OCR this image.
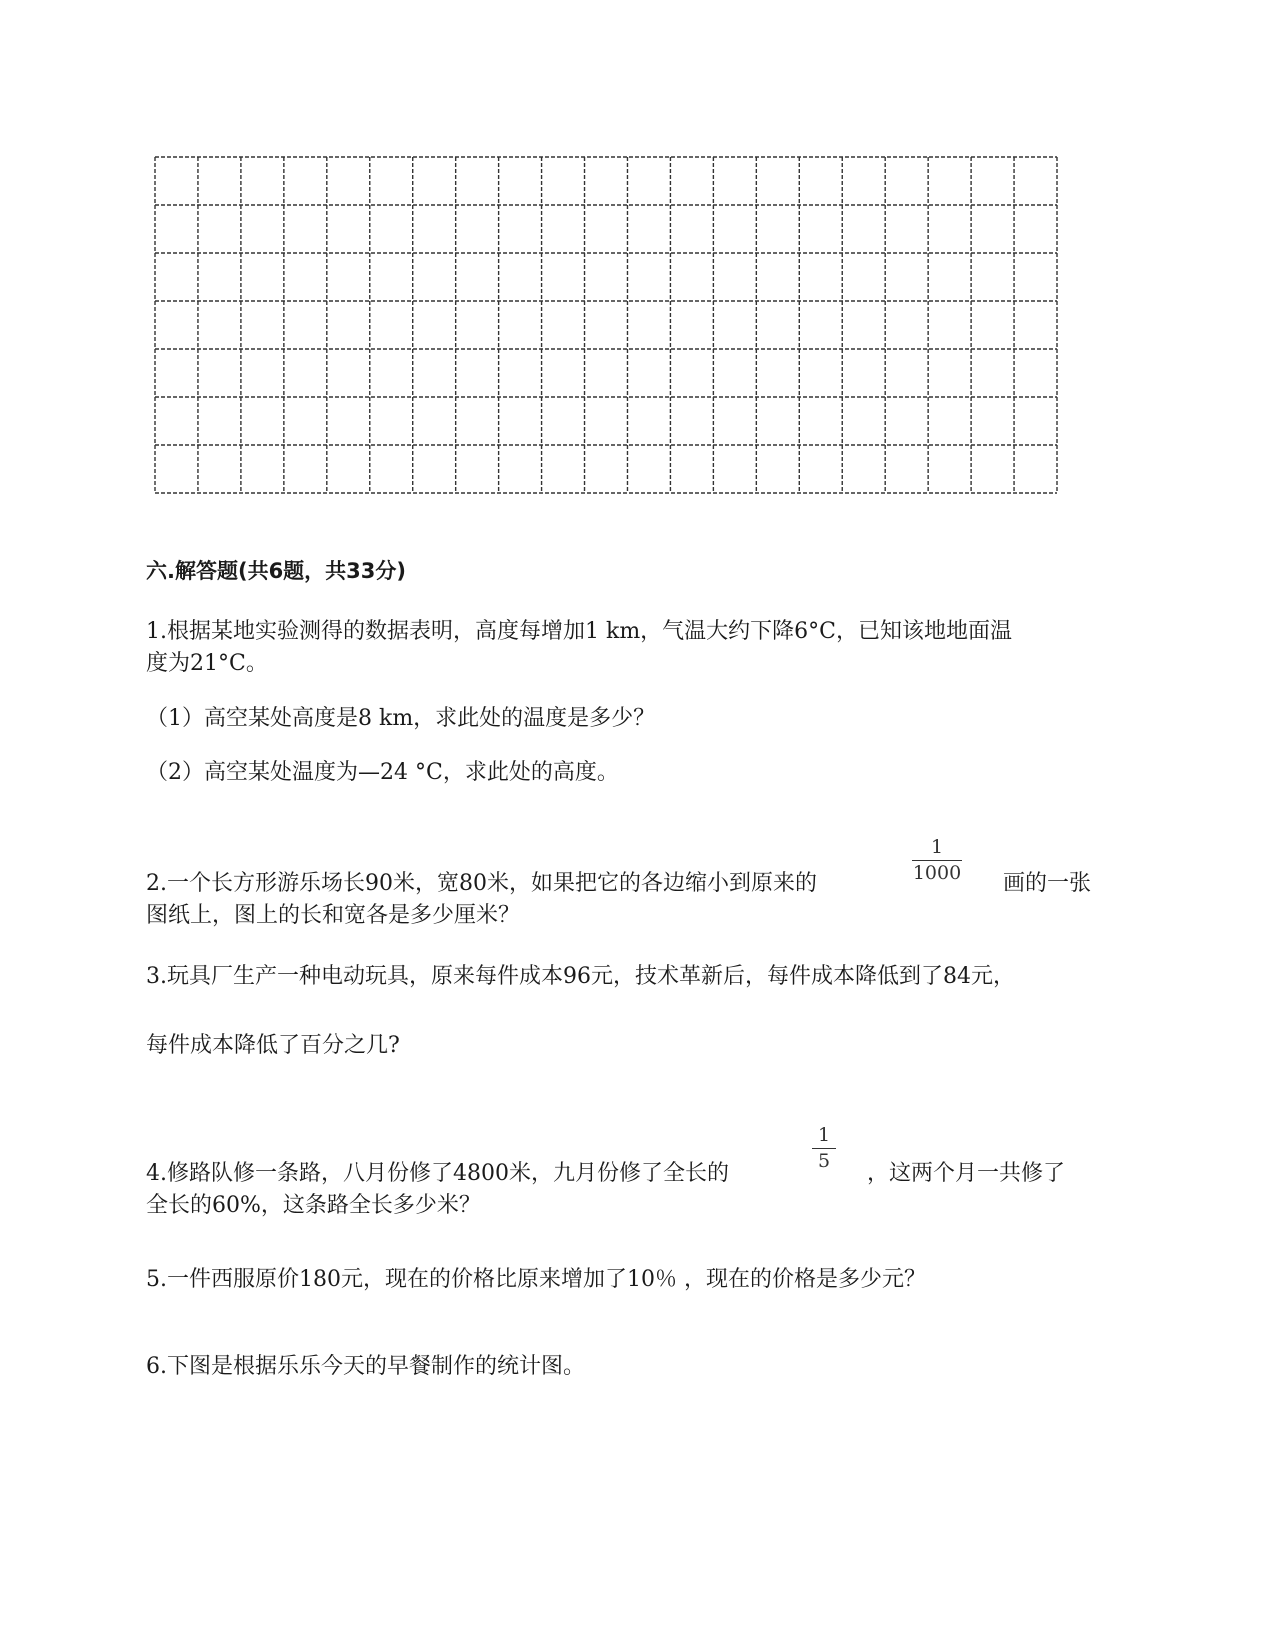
六.解答题(共6题，共33分)
1.根据某地实验测得的数据表明，高度每增加1 km，气温大约下降6°C，已知该地地面温
度为21°C。
（1）高空某处高度是8 km，求此处的温度是多少？
（2）高空某处温度为—24 °C，求此处的高度。
2.一个长方形游乐场长90米，宽80米，如果把它的各边缩小到原来的
1
1000 画的一张
图纸上，图上的长和宽各是多少厘米？
3.玩具厂生产一种电动玩具，原来每件成本96元，技术革新后，每件成本降低到了84元，
每件成本降低了百分之几?
4.修路队修一条路，八月份修了4800米，九月份修了全长的
1
5 ，这两个月一共修了
全长的60%，这条路全长多少米？
5.一件西服原价180元，现在的价格比原来增加了10％ ，现在的价格是多少元？
6.下图是根据乐乐今天的早餐制作的统计图。
